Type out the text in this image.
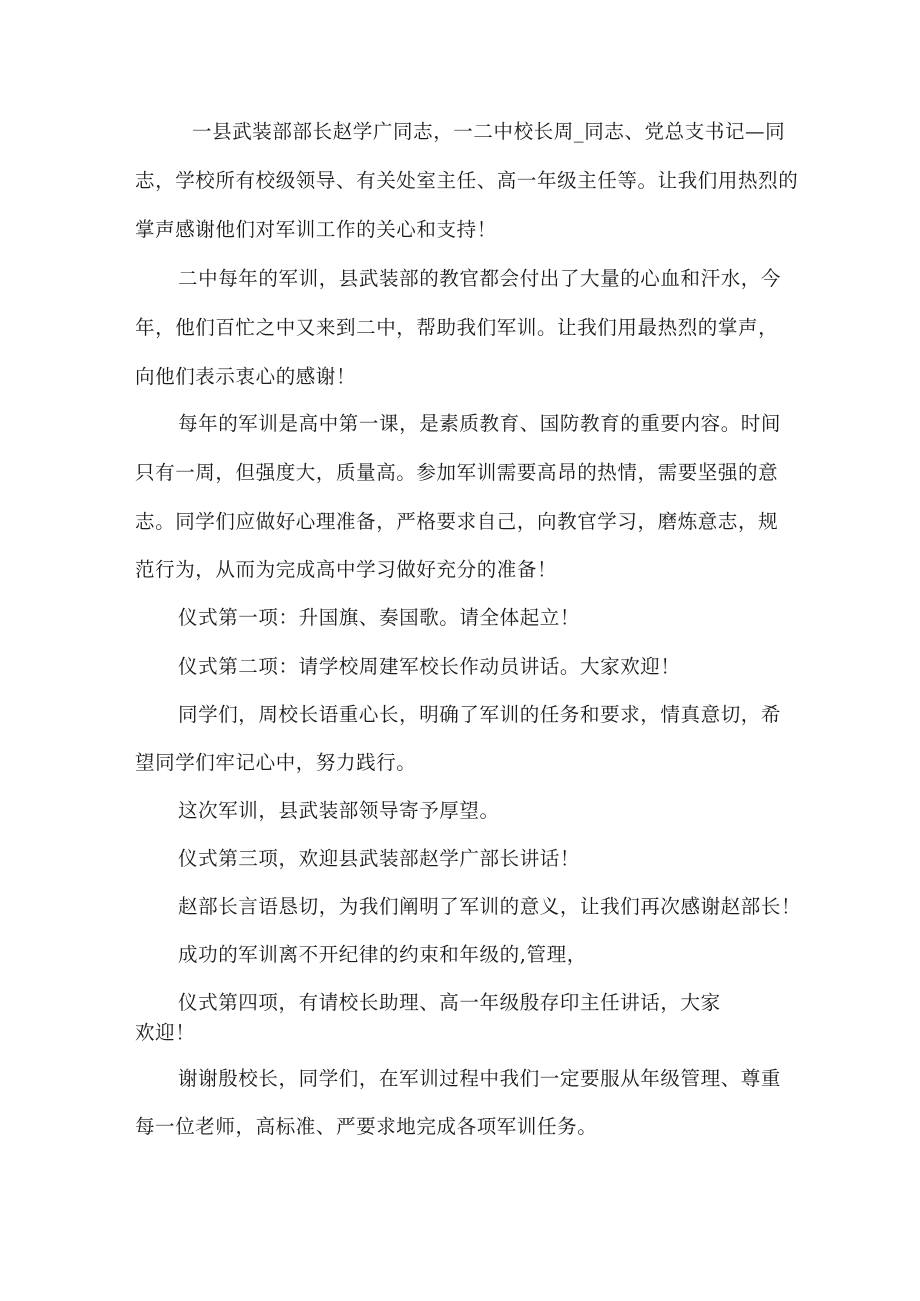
一县武装部部长赵学广同志，一二中校长周_同志、党总支书记—同
志，学校所有校级领导、有关处室主任、高一年级主任等。让我们用热烈的
掌声感谢他们对军训工作的关心和支持！
二中每年的军训，县武装部的教官都会付出了大量的心血和汗水，今
年，他们百忙之中又来到二中，帮助我们军训。让我们用最热烈的掌声，
向他们表示衷心的感谢！
每年的军训是高中第一课，是素质教育、国防教育的重要内容。时间
只有一周，但强度大，质量高。参加军训需要高昂的热情，需要坚强的意
志。同学们应做好心理准备，严格要求自己，向教官学习，磨炼意志，规
范行为，从而为完成高中学习做好充分的准备！
仪式第一项：升国旗、奏国歌。请全体起立！
仪式第二项：请学校周建军校长作动员讲话。大家欢迎！
同学们，周校长语重心长，明确了军训的任务和要求，情真意切，希
望同学们牢记心中，努力践行。
这次军训，县武装部领导寄予厚望。
仪式第三项，欢迎县武装部赵学广部长讲话！
赵部长言语恳切，为我们阐明了军训的意义，让我们再次感谢赵部长！
成功的军训离不开纪律的约束和年级的,管理，
仪式第四项，有请校长助理、高一年级殷存印主任讲话，大家
欢迎！
谢谢殷校长，同学们，在军训过程中我们一定要服从年级管理、尊重
每一位老师，高标准、严要求地完成各项军训任务。
